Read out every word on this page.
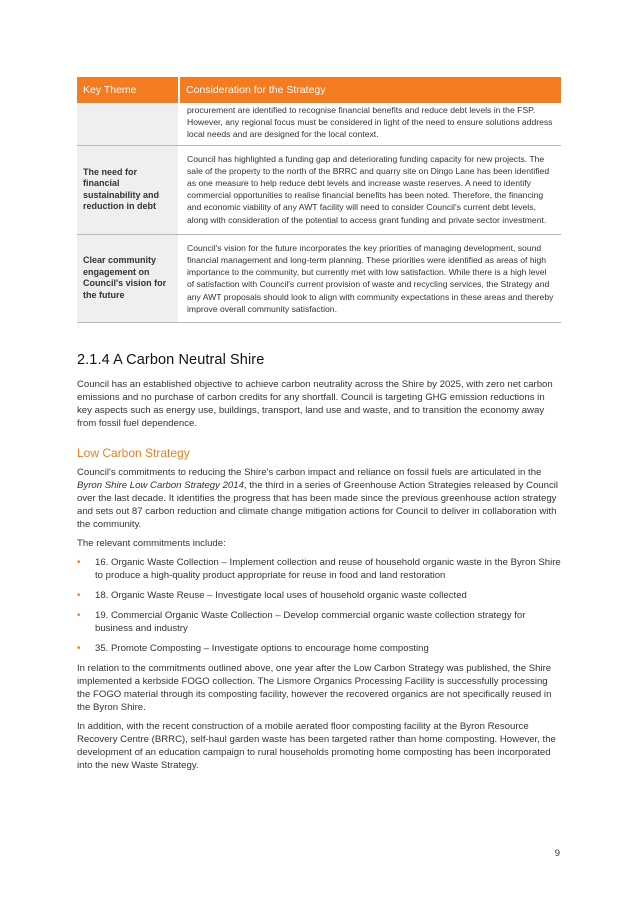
Key Theme	Consideration for the Strategy

procurement are identified to recognise financial benefits and reduce debt levels in the FSP. However, any regional focus must be considered in light of the need to ensure solutions address local needs and are designed for the local context.

The need for financial sustainability and reduction in debt

Council has highlighted a funding gap and deteriorating funding capacity for new projects. The sale of the property to the north of the BRRC and quarry site on Dingo Lane has been identified as one measure to help reduce debt levels and increase waste reserves. A need to identify commercial opportunities to realise financial benefits has been noted. Therefore, the financing and economic viability of any AWT facility will need to consider Council's current debt levels, along with consideration of the potential to access grant funding and private sector investment.

Clear community engagement on Council's vision for the future

Council's vision for the future incorporates the key priorities of managing development, sound financial management and long-term planning. These priorities were identified as areas of high importance to the community, but currently met with low satisfaction. While there is a high level of satisfaction with Council's current provision of waste and recycling services, the Strategy and any AWT proposals should look to align with community expectations in these areas and thereby improve overall community satisfaction.

2.1.4 A Carbon Neutral Shire

Council has an established objective to achieve carbon neutrality across the Shire by 2025, with zero net carbon emissions and no purchase of carbon credits for any shortfall. Council is targeting GHG emission reductions in key aspects such as energy use, buildings, transport, land use and waste, and to transition the economy away from fossil fuel dependence.

Low Carbon Strategy

Council's commitments to reducing the Shire's carbon impact and reliance on fossil fuels are articulated in the Byron Shire Low Carbon Strategy 2014, the third in a series of Greenhouse Action Strategies released by Council over the last decade. It identifies the progress that has been made since the previous greenhouse action strategy and sets out 87 carbon reduction and climate change mitigation actions for Council to deliver in collaboration with the community.

The relevant commitments include:

• 16. Organic Waste Collection – Implement collection and reuse of household organic waste in the Byron Shire to produce a high-quality product appropriate for reuse in food and land restoration
• 18. Organic Waste Reuse – Investigate local uses of household organic waste collected
• 19. Commercial Organic Waste Collection – Develop commercial organic waste collection strategy for business and industry
• 35. Promote Composting – Investigate options to encourage home composting

In relation to the commitments outlined above, one year after the Low Carbon Strategy was published, the Shire implemented a kerbside FOGO collection. The Lismore Organics Processing Facility is successfully processing the FOGO material through its composting facility, however the recovered organics are not specifically reused in the Byron Shire.

In addition, with the recent construction of a mobile aerated floor composting facility at the Byron Resource Recovery Centre (BRRC), self-haul garden waste has been targeted rather than home composting. However, the development of an education campaign to rural households promoting home composting has been incorporated into the new Waste Strategy.

9
